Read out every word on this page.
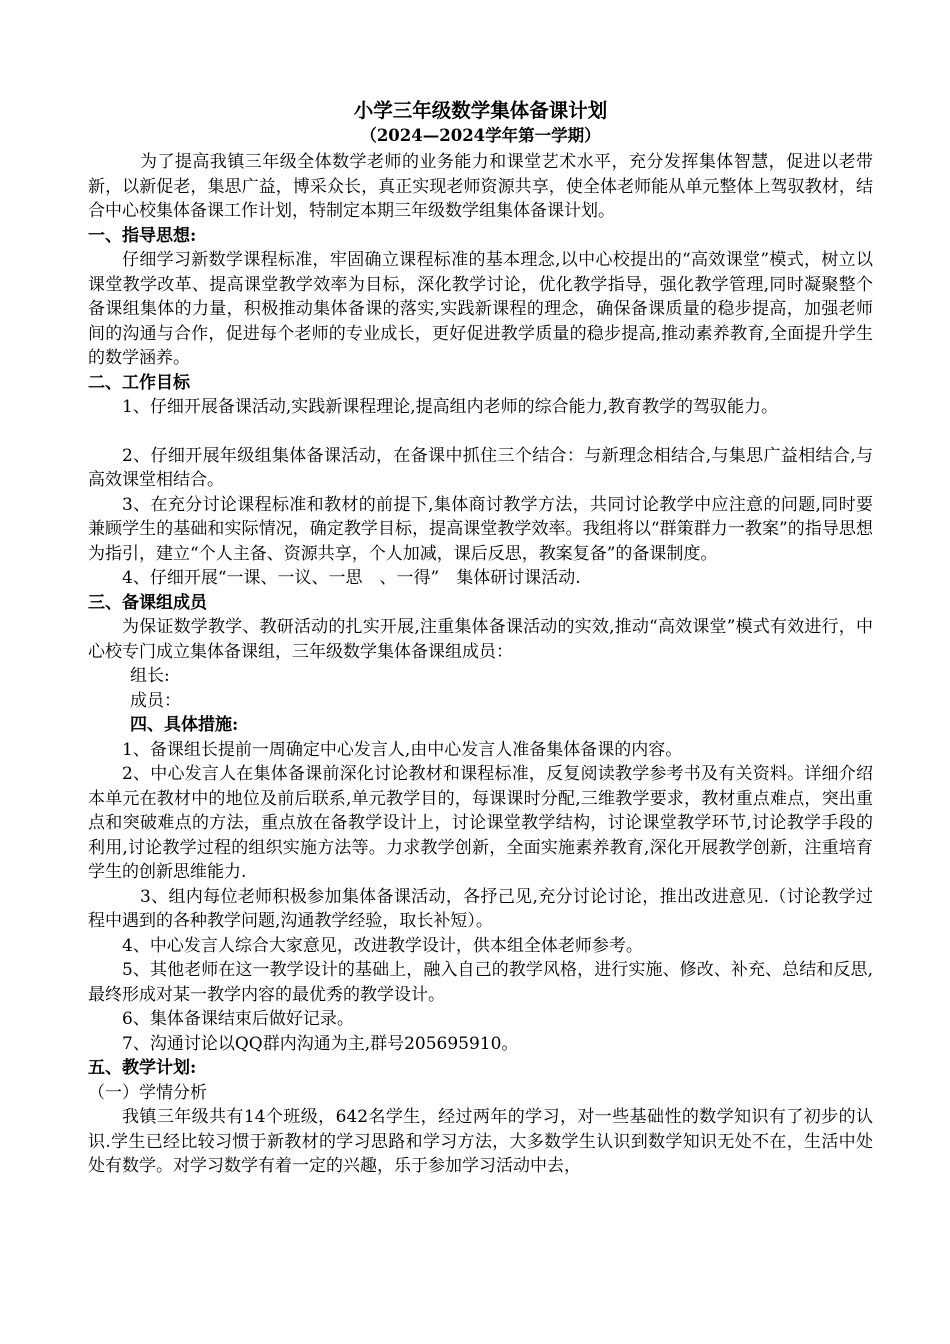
小学三年级数学集体备课计划
（2024—2024学年第一学期）

为了提高我镇三年级全体数学老师的业务能力和课堂艺术水平，充分发挥集体智慧，促进以老带新，以新促老，集思广益，博采众长，真正实现老师资源共享，使全体老师能从单元整体上驾驭教材，结合中心校集体备课工作计划，特制定本期三年级数学组集体备课计划。

一、指导思想:

仔细学习新数学课程标准，牢固确立课程标准的基本理念,以中心校提出的“高效课堂”模式，树立以课堂教学改革、提高课堂教学效率为目标，深化教学讨论，优化教学指导，强化教学管理,同时凝聚整个备课组集体的力量，积极推动集体备课的落实,实践新课程的理念，确保备课质量的稳步提高，加强老师间的沟通与合作，促进每个老师的专业成长，更好促进教学质量的稳步提高,推动素养教育,全面提升学生的数学涵养。

二、工作目标

1、仔细开展备课活动,实践新课程理论,提高组内老师的综合能力,教育教学的驾驭能力。

2、仔细开展年级组集体备课活动，在备课中抓住三个结合：与新理念相结合,与集思广益相结合,与高效课堂相结合。

3、在充分讨论课程标准和教材的前提下,集体商讨教学方法，共同讨论教学中应注意的问题,同时要兼顾学生的基础和实际情况，确定教学目标，提高课堂教学效率。我组将以“群策群力一教案”的指导思想为指引，建立“个人主备、资源共享，个人加减，课后反思，教案复备”的备课制度。

4、仔细开展“一课、一议、一思　、一得”　集体研讨课活动.

三、备课组成员

为保证数学教学、教研活动的扎实开展,注重集体备课活动的实效,推动“高效课堂”模式有效进行，中心校专门成立集体备课组，三年级数学集体备课组成员：

组长:
成员：
四、具体措施:

1、备课组长提前一周确定中心发言人,由中心发言人准备集体备课的内容。

2、中心发言人在集体备课前深化讨论教材和课程标准，反复阅读教学参考书及有关资料。详细介绍本单元在教材中的地位及前后联系,单元教学目的，每课课时分配,三维教学要求，教材重点难点，突出重点和突破难点的方法，重点放在备教学设计上，讨论课堂教学结构，讨论课堂教学环节,讨论教学手段的利用,讨论教学过程的组织实施方法等。力求教学创新，全面实施素养教育,深化开展教学创新，注重培育学生的创新思维能力.

3、组内每位老师积极参加集体备课活动，各抒己见,充分讨论讨论，推出改进意见.（讨论教学过程中遇到的各种教学问题,沟通教学经验，取长补短）。

4、中心发言人综合大家意见，改进教学设计，供本组全体老师参考。

5、其他老师在这一教学设计的基础上，融入自己的教学风格，进行实施、修改、补充、总结和反思,最终形成对某一教学内容的最优秀的教学设计。

6、集体备课结束后做好记录。

7、沟通讨论以QQ群内沟通为主,群号205695910。

五、教学计划:
（一）学情分析

我镇三年级共有14个班级，642名学生，经过两年的学习，对一些基础性的数学知识有了初步的认识.学生已经比较习惯于新教材的学习思路和学习方法，大多数学生认识到数学知识无处不在，生活中处处有数学。对学习数学有着一定的兴趣，乐于参加学习活动中去，
